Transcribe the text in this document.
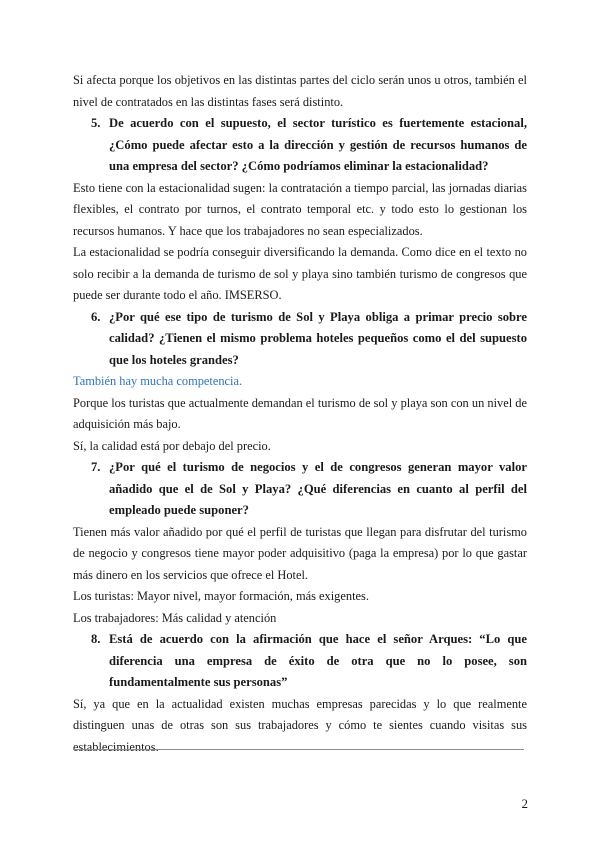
Si afecta porque los objetivos en las distintas partes del ciclo serán unos u otros, también el nivel de contratados en las distintas fases será distinto.

5. De acuerdo con el supuesto, el sector turístico es fuertemente estacional, ¿Cómo puede afectar esto a la dirección y gestión de recursos humanos de una empresa del sector? ¿Cómo podríamos eliminar la estacionalidad?

Esto tiene con la estacionalidad sugen: la contratación a tiempo parcial, las jornadas diarias flexibles, el contrato por turnos, el contrato temporal etc. y todo esto lo gestionan los recursos humanos. Y hace que los trabajadores no sean especializados.

La estacionalidad se podría conseguir diversificando la demanda. Como dice en el texto no solo recibir a la demanda de turismo de sol y playa sino también turismo de congresos que puede ser durante todo el año. IMSERSO.

6. ¿Por qué ese tipo de turismo de Sol y Playa obliga a primar precio sobre calidad? ¿Tienen el mismo problema hoteles pequeños como el del supuesto que los hoteles grandes?

También hay mucha competencia.

Porque los turistas que actualmente demandan el turismo de sol y playa son con un nivel de adquisición más bajo.

Sí, la calidad está por debajo del precio.

7. ¿Por qué el turismo de negocios y el de congresos generan mayor valor añadido que el de Sol y Playa? ¿Qué diferencias en cuanto al perfil del empleado puede suponer?

Tienen más valor añadido por qué el perfil de turistas que llegan para disfrutar del turismo de negocio y congresos tiene mayor poder adquisitivo (paga la empresa) por lo que gastar más dinero en los servicios que ofrece el Hotel.

Los turistas: Mayor nivel, mayor formación, más exigentes.

Los trabajadores: Más calidad y atención

8. Está de acuerdo con la afirmación que hace el señor Arques: “Lo que diferencia una empresa de éxito de otra que no lo posee, son fundamentalmente sus personas”

Sí, ya que en la actualidad existen muchas empresas parecidas y lo que realmente distinguen unas de otras son sus trabajadores y cómo te sientes cuando visitas sus establecimientos.

2
